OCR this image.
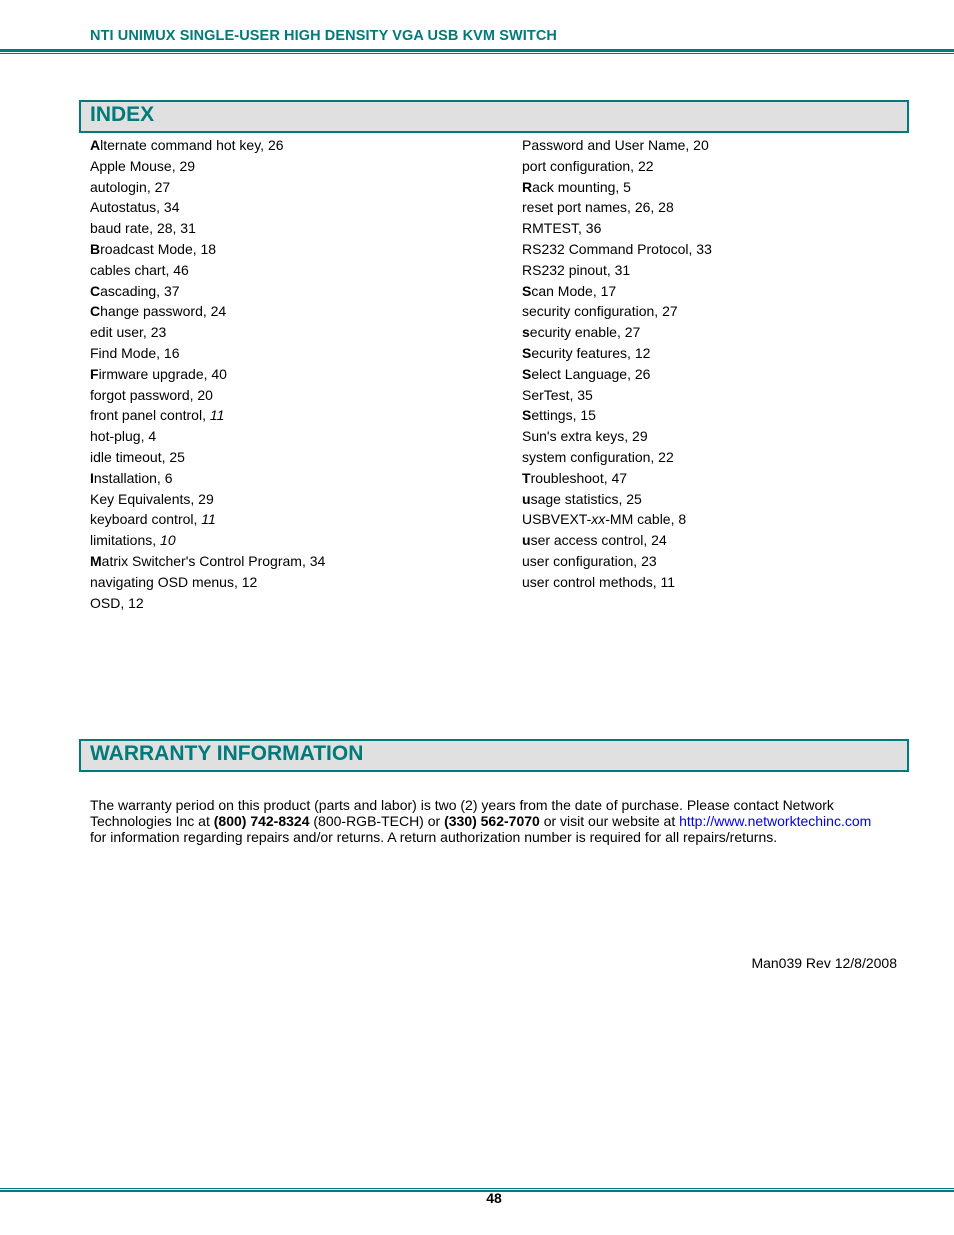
NTI UNIMUX SINGLE-USER HIGH DENSITY VGA USB KVM SWITCH
INDEX
Alternate command hot key, 26
Apple Mouse, 29
autologin, 27
Autostatus, 34
baud rate, 28, 31
Broadcast Mode, 18
cables chart, 46
Cascading, 37
Change password, 24
edit user, 23
Find Mode, 16
Firmware upgrade, 40
forgot password, 20
front panel control, 11
hot-plug, 4
idle timeout, 25
Installation, 6
Key Equivalents, 29
keyboard control, 11
limitations, 10
Matrix Switcher's Control Program, 34
navigating OSD menus, 12
OSD, 12
Password and User Name, 20
port configuration, 22
Rack mounting, 5
reset port names, 26, 28
RMTEST, 36
RS232 Command Protocol, 33
RS232 pinout, 31
Scan Mode, 17
security configuration, 27
security enable, 27
Security features, 12
Select Language, 26
SerTest, 35
Settings, 15
Sun's extra keys, 29
system configuration, 22
Troubleshoot, 47
usage statistics, 25
USBVEXT-xx-MM cable, 8
user access control, 24
user configuration, 23
user control methods, 11
WARRANTY INFORMATION
The warranty period on this product (parts and labor) is two (2) years from the date of purchase. Please contact Network Technologies Inc at (800) 742-8324 (800-RGB-TECH) or (330) 562-7070 or visit our website at http://www.networktechinc.com for information regarding repairs and/or returns. A return authorization number is required for all repairs/returns.
Man039 Rev 12/8/2008
48
